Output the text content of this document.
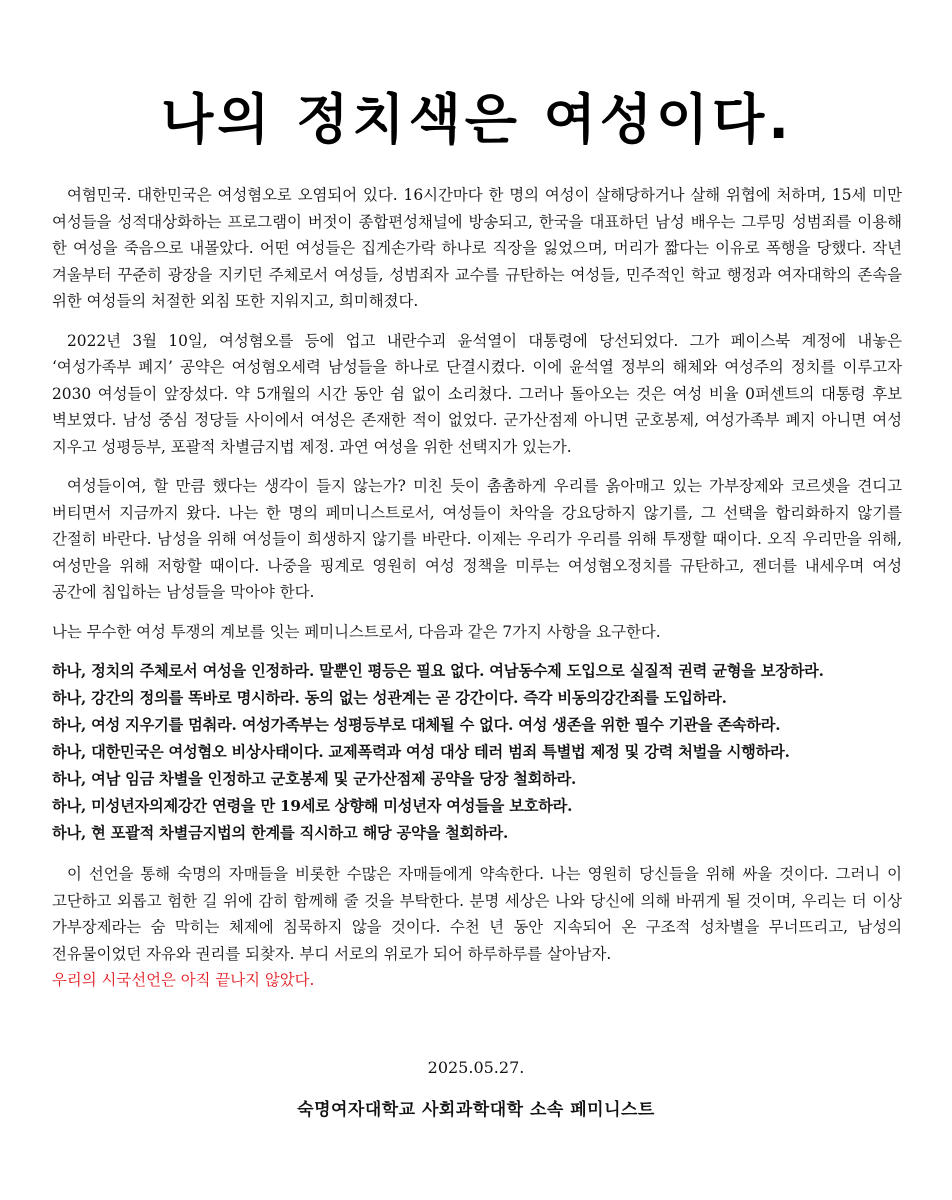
나의 정치색은 여성이다.

여혐민국. 대한민국은 여성혐오로 오염되어 있다. 16시간마다 한 명의 여성이 살해당하거나 살해 위협에 처하며, 15세 미만 여성들을 성적대상화하는 프로그램이 버젓이 종합편성채널에 방송되고, 한국을 대표하던 남성 배우는 그루밍 성범죄를 이용해 한 여성을 죽음으로 내몰았다. 어떤 여성들은 집게손가락 하나로 직장을 잃었으며, 머리가 짧다는 이유로 폭행을 당했다. 작년 겨울부터 꾸준히 광장을 지키던 주체로서 여성들, 성범죄자 교수를 규탄하는 여성들, 민주적인 학교 행정과 여자대학의 존속을 위한 여성들의 처절한 외침 또한 지워지고, 희미해졌다.

2022년 3월 10일, 여성혐오를 등에 업고 내란수괴 윤석열이 대통령에 당선되었다. 그가 페이스북 계정에 내놓은 ‘여성가족부 폐지’ 공약은 여성혐오세력 남성들을 하나로 단결시켰다. 이에 윤석열 정부의 해체와 여성주의 정치를 이루고자 2030 여성들이 앞장섰다. 약 5개월의 시간 동안 쉼 없이 소리쳤다. 그러나 돌아오는 것은 여성 비율 0퍼센트의 대통령 후보 벽보였다. 남성 중심 정당들 사이에서 여성은 존재한 적이 없었다. 군가산점제 아니면 군호봉제, 여성가족부 폐지 아니면 여성 지우고 성평등부, 포괄적 차별금지법 제정. 과연 여성을 위한 선택지가 있는가.

여성들이여, 할 만큼 했다는 생각이 들지 않는가? 미친 듯이 촘촘하게 우리를 옭아매고 있는 가부장제와 코르셋을 견디고 버티면서 지금까지 왔다. 나는 한 명의 페미니스트로서, 여성들이 차악을 강요당하지 않기를, 그 선택을 합리화하지 않기를 간절히 바란다. 남성을 위해 여성들이 희생하지 않기를 바란다. 이제는 우리가 우리를 위해 투쟁할 때이다. 오직 우리만을 위해, 여성만을 위해 저항할 때이다. 나중을 핑계로 영원히 여성 정책을 미루는 여성혐오정치를 규탄하고, 젠더를 내세우며 여성 공간에 침입하는 남성들을 막아야 한다.

나는 무수한 여성 투쟁의 계보를 잇는 페미니스트로서, 다음과 같은 7가지 사항을 요구한다.

하나, 정치의 주체로서 여성을 인정하라. 말뿐인 평등은 필요 없다. 여남동수제 도입으로 실질적 권력 균형을 보장하라.
하나, 강간의 정의를 똑바로 명시하라. 동의 없는 성관계는 곧 강간이다. 즉각 비동의강간죄를 도입하라.
하나, 여성 지우기를 멈춰라. 여성가족부는 성평등부로 대체될 수 없다. 여성 생존을 위한 필수 기관을 존속하라.
하나, 대한민국은 여성혐오 비상사태이다. 교제폭력과 여성 대상 테러 범죄 특별법 제정 및 강력 처벌을 시행하라.
하나, 여남 임금 차별을 인정하고 군호봉제 및 군가산점제 공약을 당장 철회하라.
하나, 미성년자의제강간 연령을 만 19세로 상향해 미성년자 여성들을 보호하라.
하나, 현 포괄적 차별금지법의 한계를 직시하고 해당 공약을 철회하라.

이 선언을 통해 숙명의 자매들을 비롯한 수많은 자매들에게 약속한다. 나는 영원히 당신들을 위해 싸울 것이다. 그러니 이 고단하고 외롭고 험한 길 위에 감히 함께해 줄 것을 부탁한다. 분명 세상은 나와 당신에 의해 바뀌게 될 것이며, 우리는 더 이상 가부장제라는 숨 막히는 체제에 침묵하지 않을 것이다. 수천 년 동안 지속되어 온 구조적 성차별을 무너뜨리고, 남성의 전유물이었던 자유와 권리를 되찾자. 부디 서로의 위로가 되어 하루하루를 살아남자.
우리의 시국선언은 아직 끝나지 않았다.

2025.05.27.
숙명여자대학교 사회과학대학 소속 페미니스트
